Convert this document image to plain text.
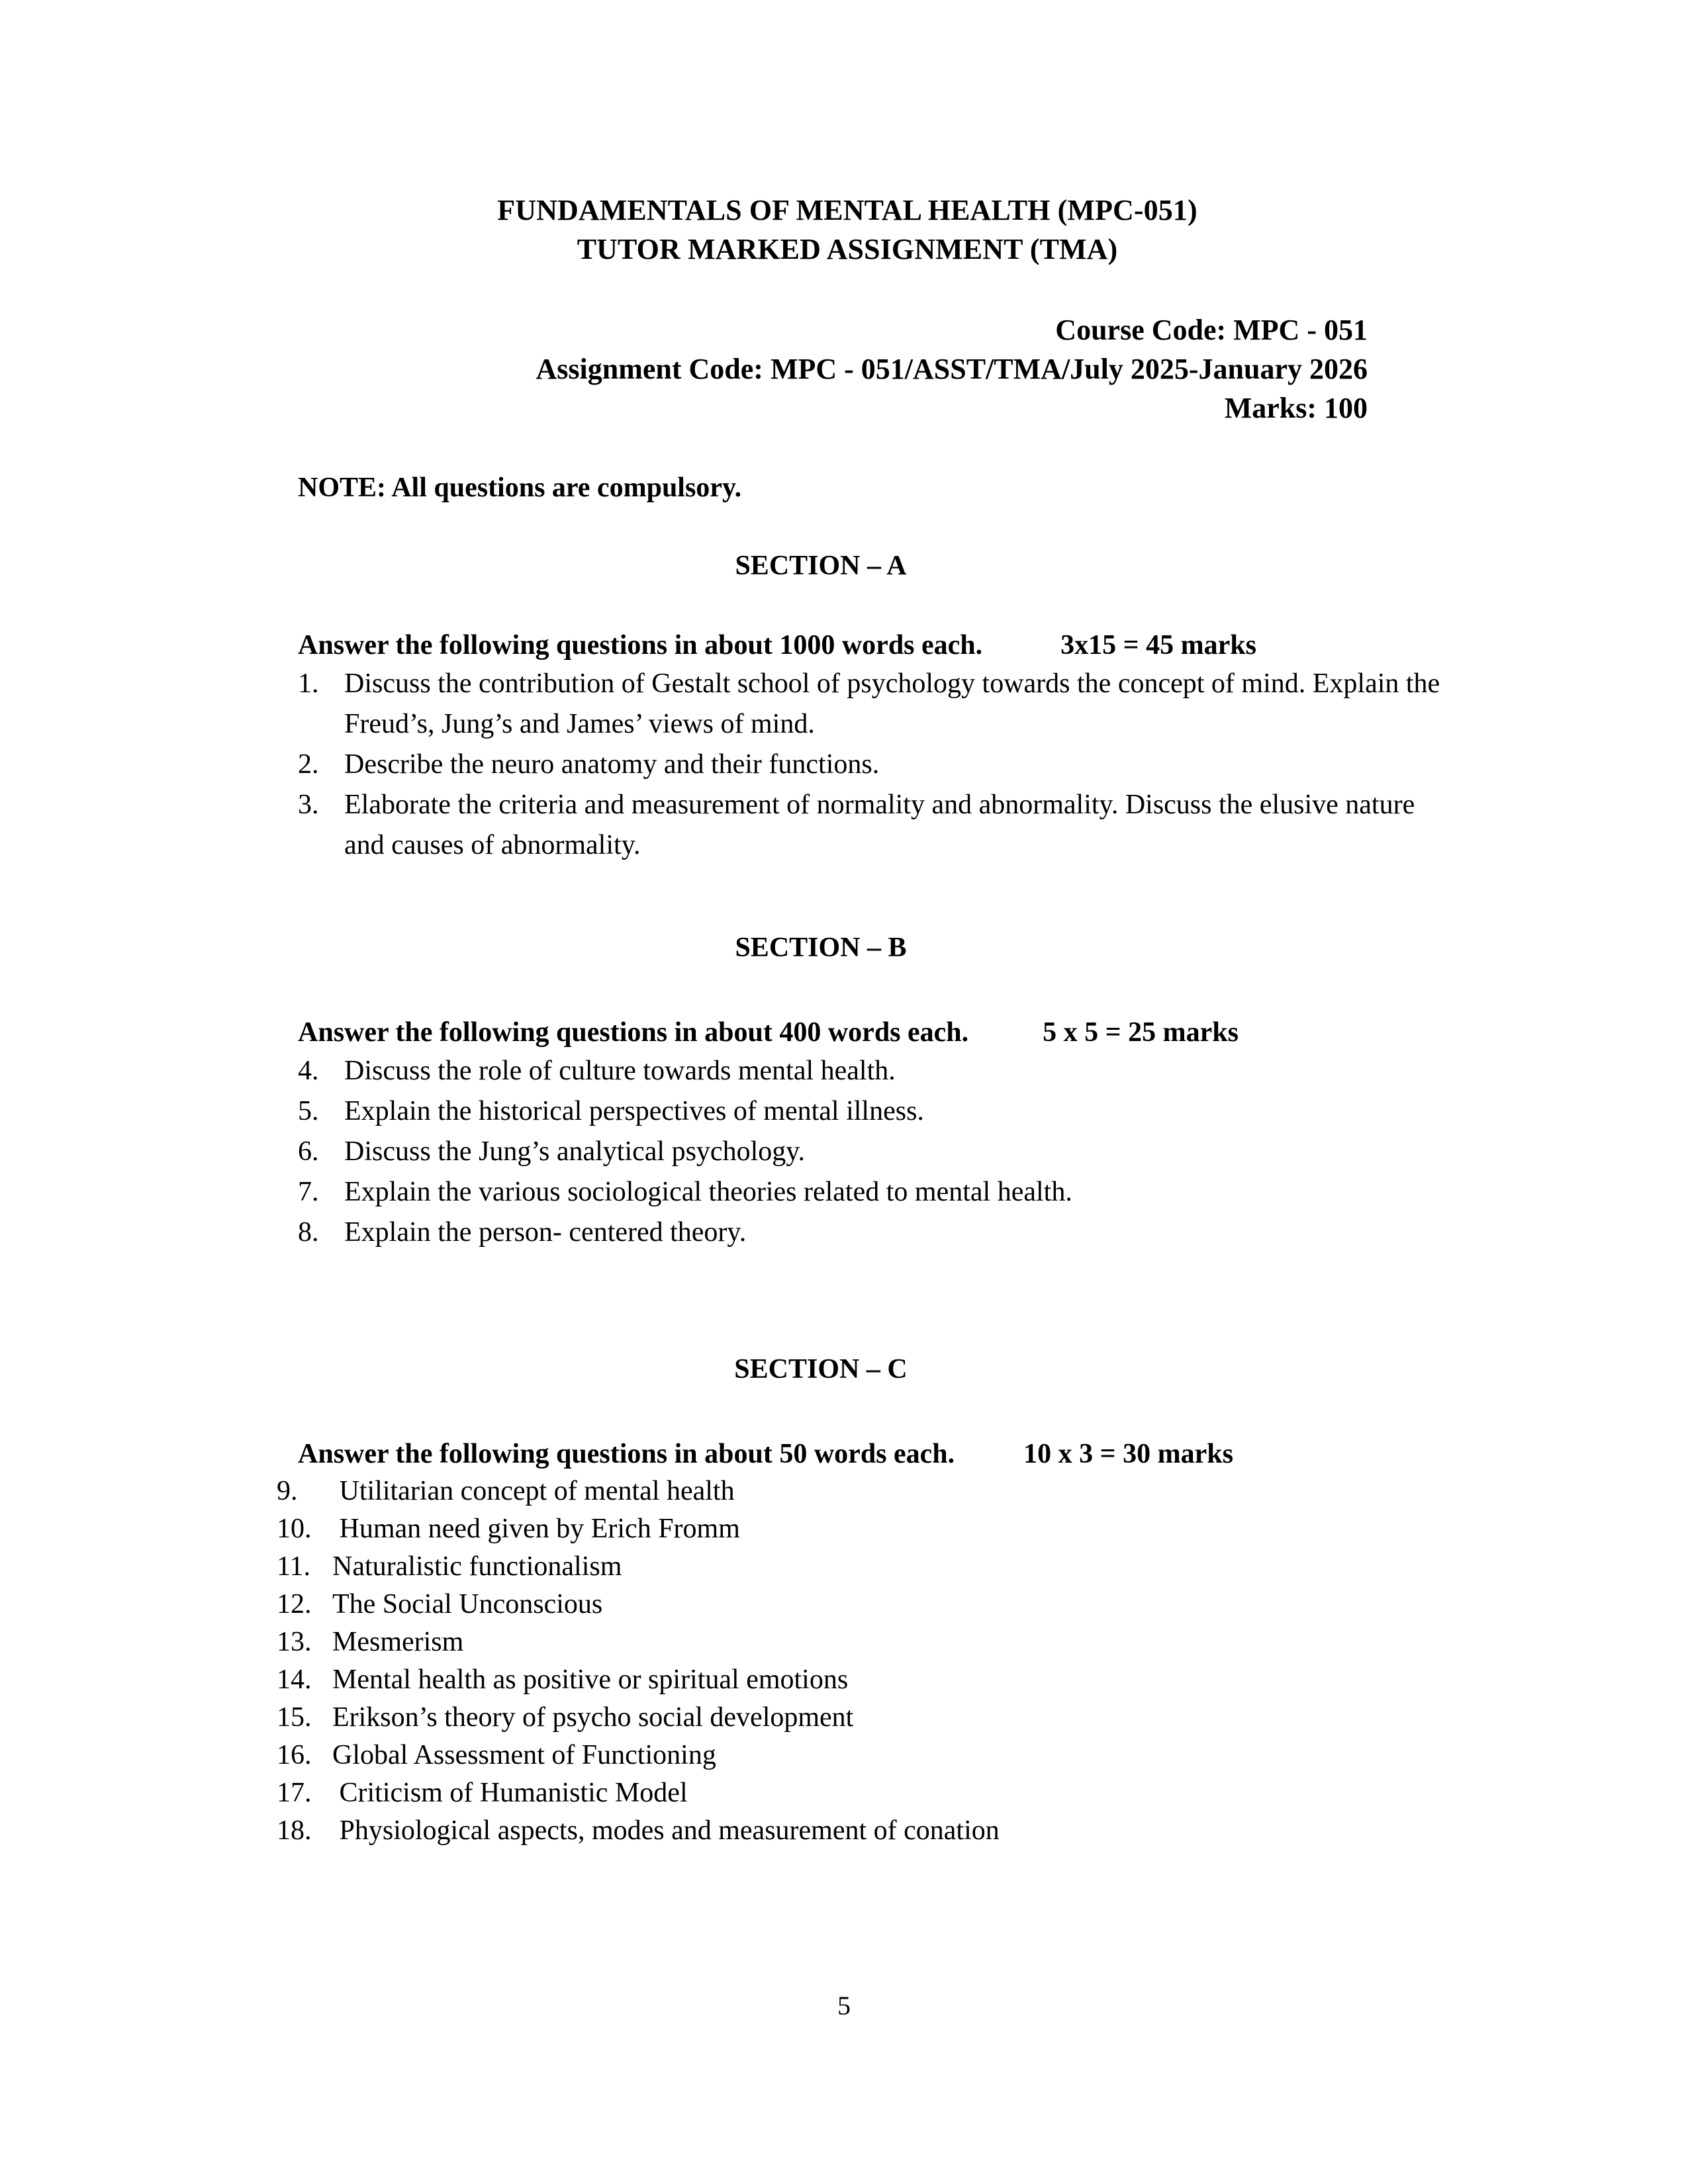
FUNDAMENTALS OF MENTAL HEALTH (MPC-051)
TUTOR MARKED ASSIGNMENT (TMA)
Course Code: MPC - 051
Assignment Code: MPC - 051/ASST/TMA/July 2025-January 2026
Marks: 100
NOTE: All questions are compulsory.
SECTION – A
Answer the following questions in about 1000 words each.	3x15 = 45 marks
1. Discuss the contribution of Gestalt school of psychology towards the concept of mind. Explain the Freud’s, Jung’s and James’ views of mind.
2. Describe the neuro anatomy and their functions.
3. Elaborate the criteria and measurement of normality and abnormality. Discuss the elusive nature and causes of abnormality.
SECTION – B
Answer the following questions in about 400 words each.	5 x 5 = 25 marks
4. Discuss the role of culture towards mental health.
5. Explain the historical perspectives of mental illness.
6. Discuss the Jung’s analytical psychology.
7. Explain the various sociological theories related to mental health.
8. Explain the person- centered theory.
SECTION – C
Answer the following questions in about 50 words each. 10 x 3 = 30 marks
9.	Utilitarian concept of mental health
10. Human need given by Erich Fromm
11. Naturalistic functionalism
12. The Social Unconscious
13. Mesmerism
14. Mental health as positive or spiritual emotions
15. Erikson’s theory of psycho social development
16. Global Assessment of Functioning
17. Criticism of Humanistic Model
18. Physiological aspects, modes and measurement of conation
5
